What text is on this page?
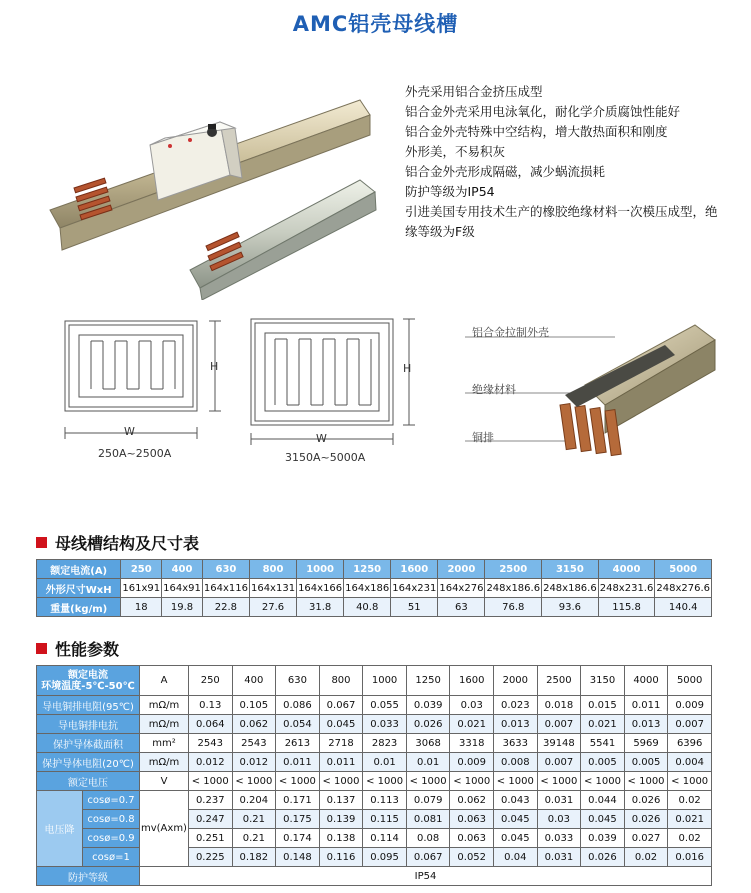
AMC铝壳母线槽
外壳采用铝合金挤压成型
铝合金外壳采用电泳氧化，耐化学介质腐蚀性能好
铝合金外壳特殊中空结构，增大散热面积和刚度
外形美，不易积灰
铝合金外壳形成隔磁，减少蜗流损耗
防护等级为IP54
引进美国专用技术生产的橡胶绝缘材料一次模压成型，绝缘等级为F级
W
H
250A~2500A
W
H
3150A~5000A
铝合金拉制外壳
绝缘材料
铜排
母线槽结构及尺寸表
额定电流(A)	250	400	630	800	1000	1250	1600	2000	2500	3150	4000	5000
外形尺寸WxH	161x91	164x91	164x116	164x131	164x166	164x186	164x231	164x276	248x186.6	248x186.6	248x231.6	248x276.6
重量(kg/m)	18	19.8	22.8	27.6	31.8	40.8	51	63	76.8	93.6	115.8	140.4
性能参数
额定电流
环境温度-5℃-50℃		A	250	400	630	800	1000	1250	1600	2000	2500	3150	4000	5000
导电铜排电阻(95℃)		mΩ/m	0.13	0.105	0.086	0.067	0.055	0.039	0.03	0.023	0.018	0.015	0.011	0.009
导电铜排电抗		mΩ/m	0.064	0.062	0.054	0.045	0.033	0.026	0.021	0.013	0.007	0.021	0.013	0.007
保护导体截面积		mm²	2543	2543	2613	2718	2823	3068	3318	3633	39148	5541	5969	6396
保护导体电阻(20℃)		mΩ/m	0.012	0.012	0.011	0.011	0.01	0.01	0.009	0.008	0.007	0.005	0.005	0.004
额定电压		V	< 1000	< 1000	< 1000	< 1000	< 1000	< 1000	< 1000	< 1000	< 1000	< 1000	< 1000	< 1000
电压降	cosø=0.7	mv(Axm)	0.237	0.204	0.171	0.137	0.113	0.079	0.062	0.043	0.031	0.044	0.026	0.02
	cosø=0.8		0.247	0.21	0.175	0.139	0.115	0.081	0.063	0.045	0.03	0.045	0.026	0.021
	cosø=0.9		0.251	0.21	0.174	0.138	0.114	0.08	0.063	0.045	0.033	0.039	0.027	0.02
	cosø=1		0.225	0.182	0.148	0.116	0.095	0.067	0.052	0.04	0.031	0.026	0.02	0.016
防护等级		IP54												
